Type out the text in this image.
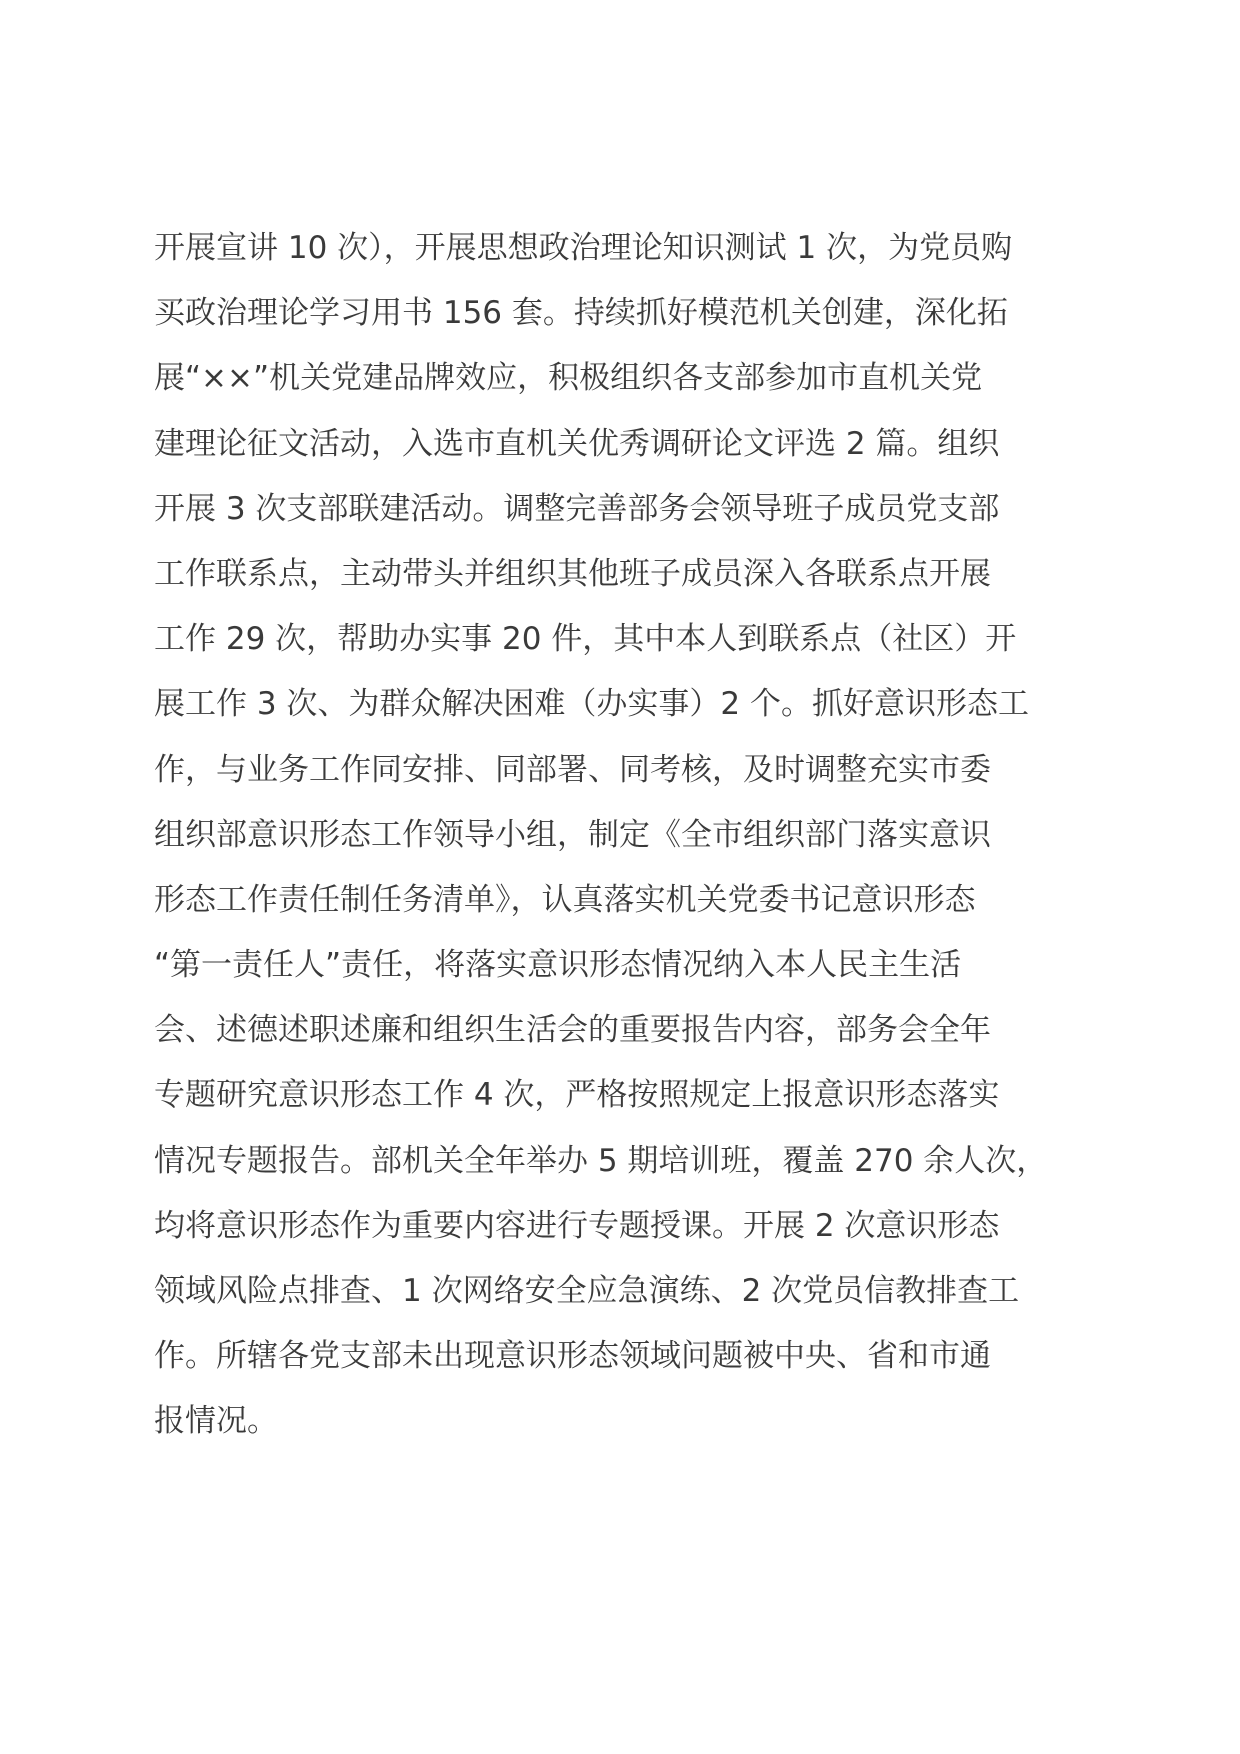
开展宣讲 10 次），开展思想政治理论知识测试 1 次，为党员购
买政治理论学习用书 156 套。持续抓好模范机关创建，深化拓
展“××”机关党建品牌效应，积极组织各支部参加市直机关党
建理论征文活动，入选市直机关优秀调研论文评选 2 篇。组织
开展 3 次支部联建活动。调整完善部务会领导班子成员党支部
工作联系点，主动带头并组织其他班子成员深入各联系点开展
工作 29 次，帮助办实事 20 件，其中本人到联系点（社区）开
展工作 3 次、为群众解决困难（办实事）2 个。抓好意识形态工
作，与业务工作同安排、同部署、同考核，及时调整充实市委
组织部意识形态工作领导小组，制定《全市组织部门落实意识
形态工作责任制任务清单》，认真落实机关党委书记意识形态
“第一责任人”责任，将落实意识形态情况纳入本人民主生活
会、述德述职述廉和组织生活会的重要报告内容，部务会全年
专题研究意识形态工作 4 次，严格按照规定上报意识形态落实
情况专题报告。部机关全年举办 5 期培训班，覆盖 270 余人次，
均将意识形态作为重要内容进行专题授课。开展 2 次意识形态
领域风险点排查、1 次网络安全应急演练、2 次党员信教排查工
作。所辖各党支部未出现意识形态领域问题被中央、省和市通
报情况。
